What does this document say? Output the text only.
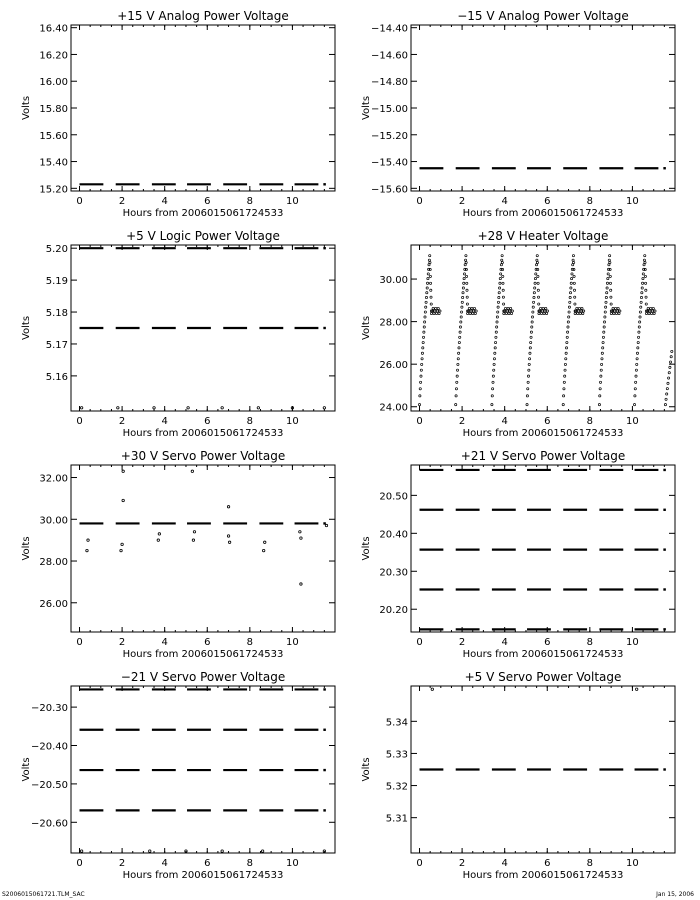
+15 V Analog Power Voltage
0	2	4	6	8	10
Hours from 2006015061724533
15.20
15.40
15.60
15.80
16.00
16.20
16.40
Volts
−15 V Analog Power Voltage
0	2	4	6	8	10
Hours from 2006015061724533
−14.40
−14.60
−14.80
−15.00
−15.20
−15.40
−15.60
Volts
+5 V Logic Power Voltage
0	2	4	6	8	10
Hours from 2006015061724533
5.16
5.17
5.18
5.19
5.20
Volts
+28 V Heater Voltage
0	2	4	6	8	10
Hours from 2006015061724533
24.00
26.00
28.00
30.00
Volts
+30 V Servo Power Voltage
0	2	4	6	8	10
Hours from 2006015061724533
26.00
28.00
30.00
32.00
Volts
+21 V Servo Power Voltage
0	2	4	6	8	10
Hours from 2006015061724533
20.20
20.30
20.40
20.50
Volts
−21 V Servo Power Voltage
0	2	4	6	8	10
Hours from 2006015061724533
−20.30
−20.40
−20.50
−20.60
Volts
+5 V Servo Power Voltage
0	2	4	6	8	10
Hours from 2006015061724533
5.31
5.32
5.33
5.34
Volts
S2006015061721.TLM_SAC	Jan 15, 2006
